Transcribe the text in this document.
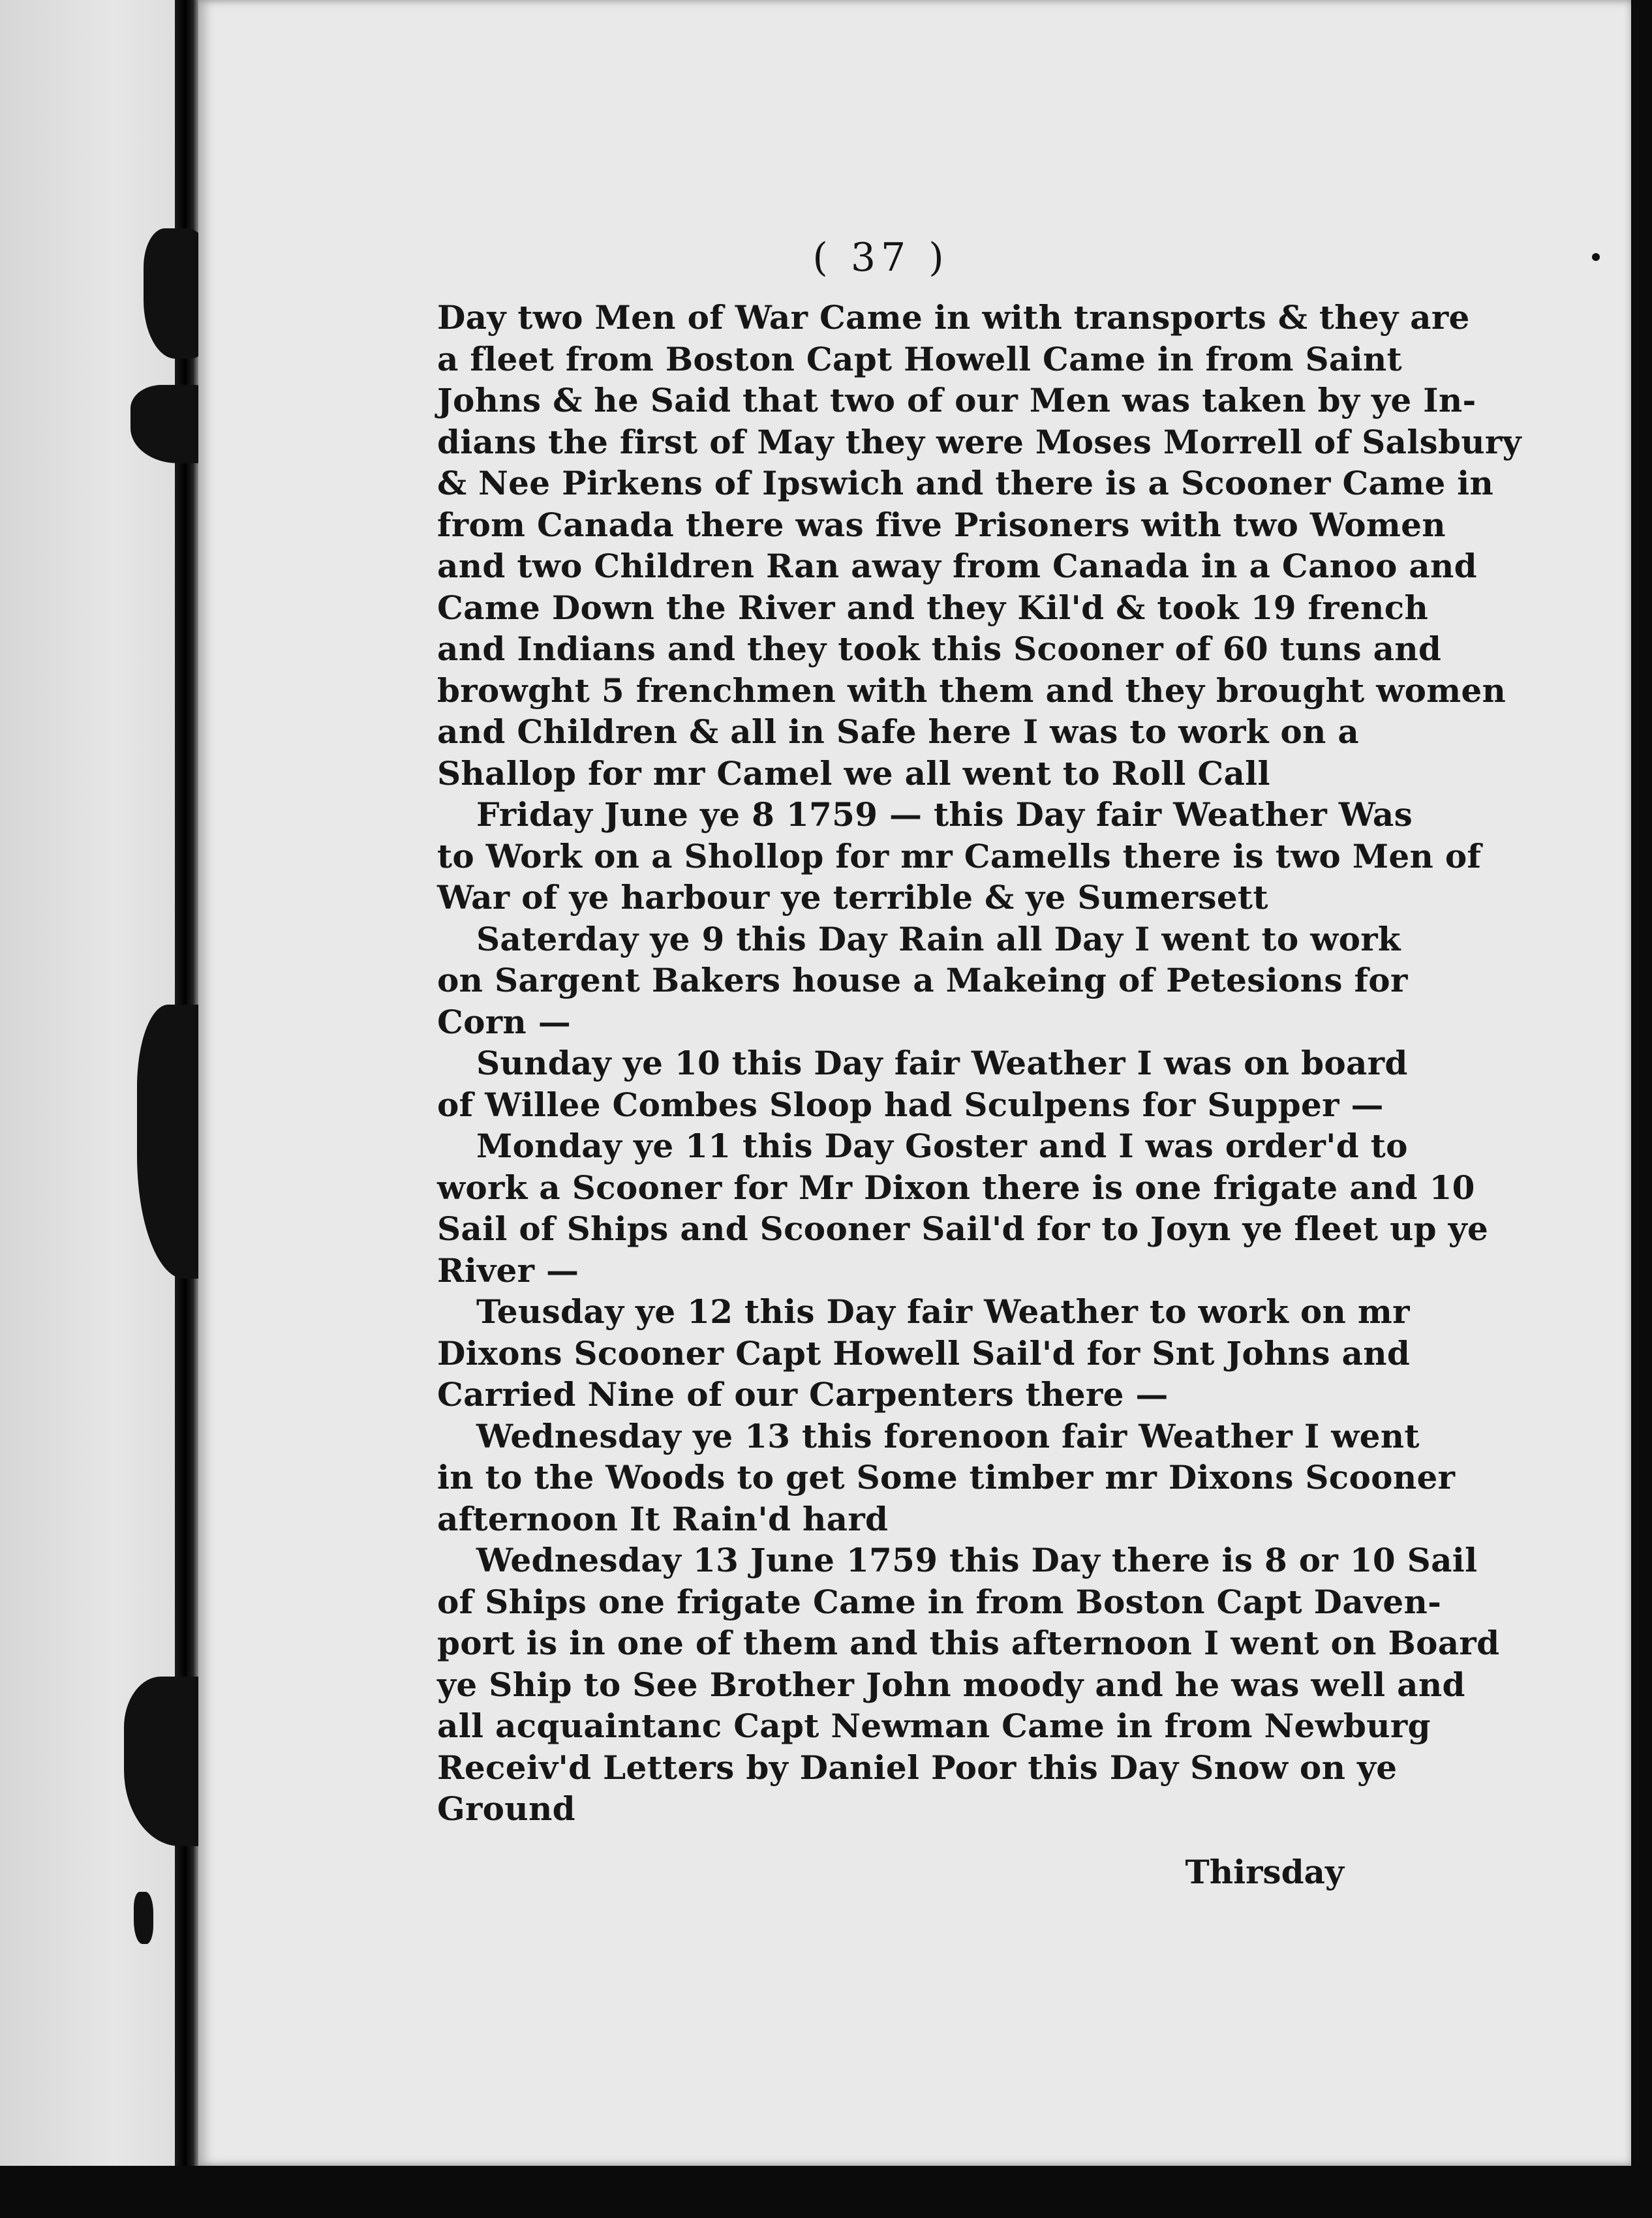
( 37 )
Day two Men of War Came in with transports & they are
a fleet from Boston Capt Howell Came in from Saint
Johns & he Said that two of our Men was taken by ye In-
dians the first of May they were Moses Morrell of Salsbury
& Nee Pirkens of Ipswich and there is a Scooner Came in
from Canada there was five Prisoners with two Women
and two Children Ran away from Canada in a Canoo and
Came Down the River and they Kil'd & took 19 french
and Indians and they took this Scooner of 60 tuns and
browght 5 frenchmen with them and they brought women
and Children & all in Safe here I was to work on a
Shallop for mr Camel we all went to Roll Call
Friday June ye 8 1759 — this Day fair Weather Was
to Work on a Shollop for mr Camells there is two Men of
War of ye harbour ye terrible & ye Sumersett
Saterday ye 9 this Day Rain all Day I went to work
on Sargent Bakers house a Makeing of Petesions for
Corn —
Sunday ye 10 this Day fair Weather I was on board
of Willee Combes Sloop had Sculpens for Supper —
Monday ye 11 this Day Goster and I was order'd to
work a Scooner for Mr Dixon there is one frigate and 10
Sail of Ships and Scooner Sail'd for to Joyn ye fleet up ye
River —
Teusday ye 12 this Day fair Weather to work on mr
Dixons Scooner Capt Howell Sail'd for Snt Johns and
Carried Nine of our Carpenters there —
Wednesday ye 13 this forenoon fair Weather I went
in to the Woods to get Some timber mr Dixons Scooner
afternoon It Rain'd hard
Wednesday 13 June 1759 this Day there is 8 or 10 Sail
of Ships one frigate Came in from Boston Capt Daven-
port is in one of them and this afternoon I went on Board
ye Ship to See Brother John moody and he was well and
all acquaintanc Capt Newman Came in from Newburg
Receiv'd Letters by Daniel Poor this Day Snow on ye
Ground
Thirsday
